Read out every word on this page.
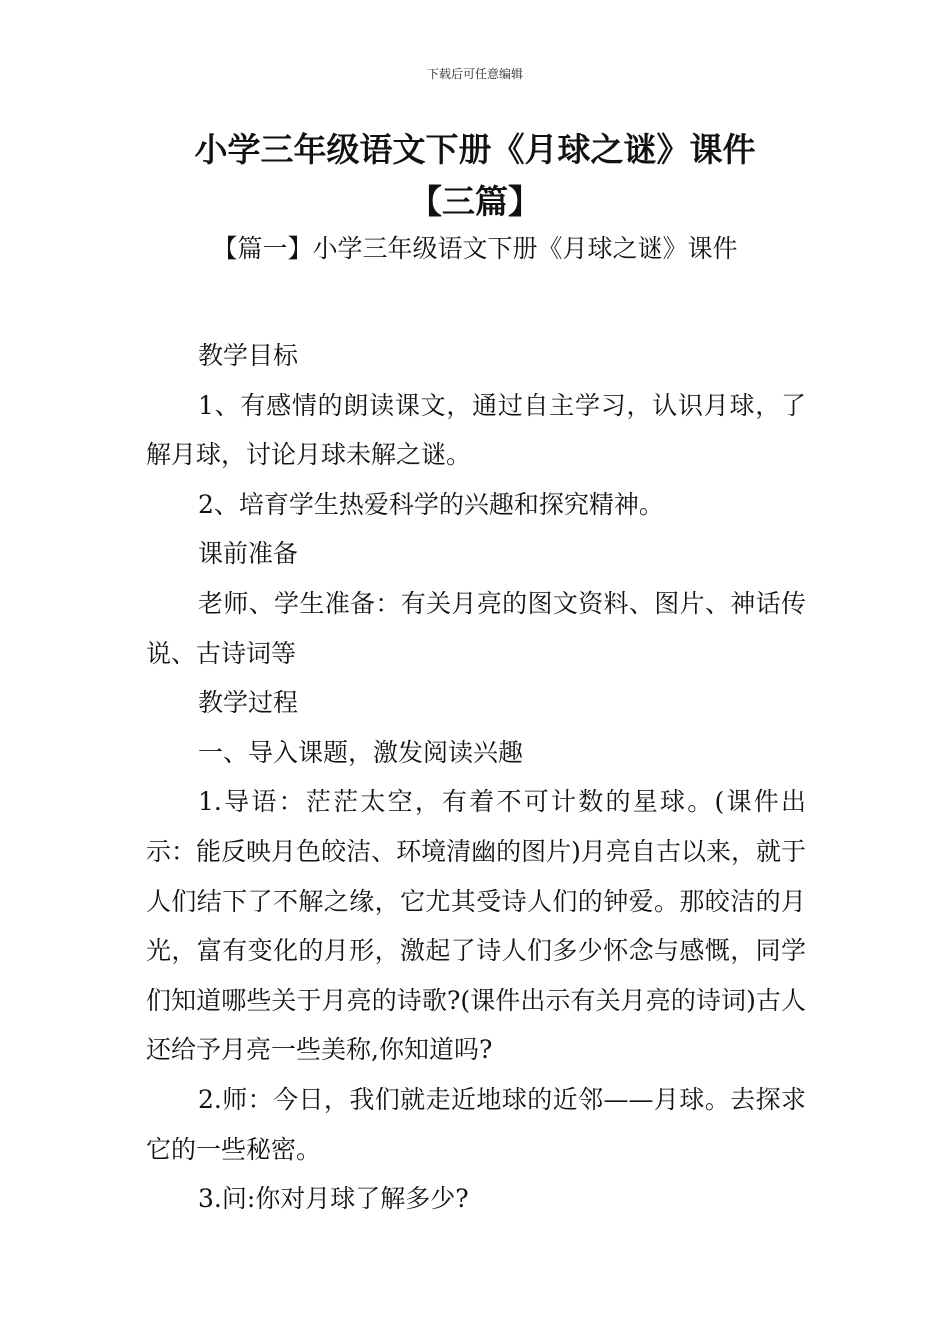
下载后可任意编辑
小学三年级语文下册《月球之谜》课件
【三篇】
【篇一】小学三年级语文下册《月球之谜》课件

教学目标

1、有感情的朗读课文，通过自主学习，认识月球，了解月球，讨论月球未解之谜。

2、培育学生热爱科学的兴趣和探究精神。

课前准备

老师、学生准备：有关月亮的图文资料、图片、神话传说、古诗词等

教学过程

一、导入课题，激发阅读兴趣

1.导语：茫茫太空，有着不可计数的星球。(课件出示：能反映月色皎洁、环境清幽的图片)月亮自古以来，就于人们结下了不解之缘，它尤其受诗人们的钟爱。那皎洁的月光，富有变化的月形，激起了诗人们多少怀念与感慨，同学们知道哪些关于月亮的诗歌?(课件出示有关月亮的诗词)古人还给予月亮一些美称,你知道吗?

2.师：今日，我们就走近地球的近邻——月球。去探求它的一些秘密。

3.问:你对月球了解多少?
